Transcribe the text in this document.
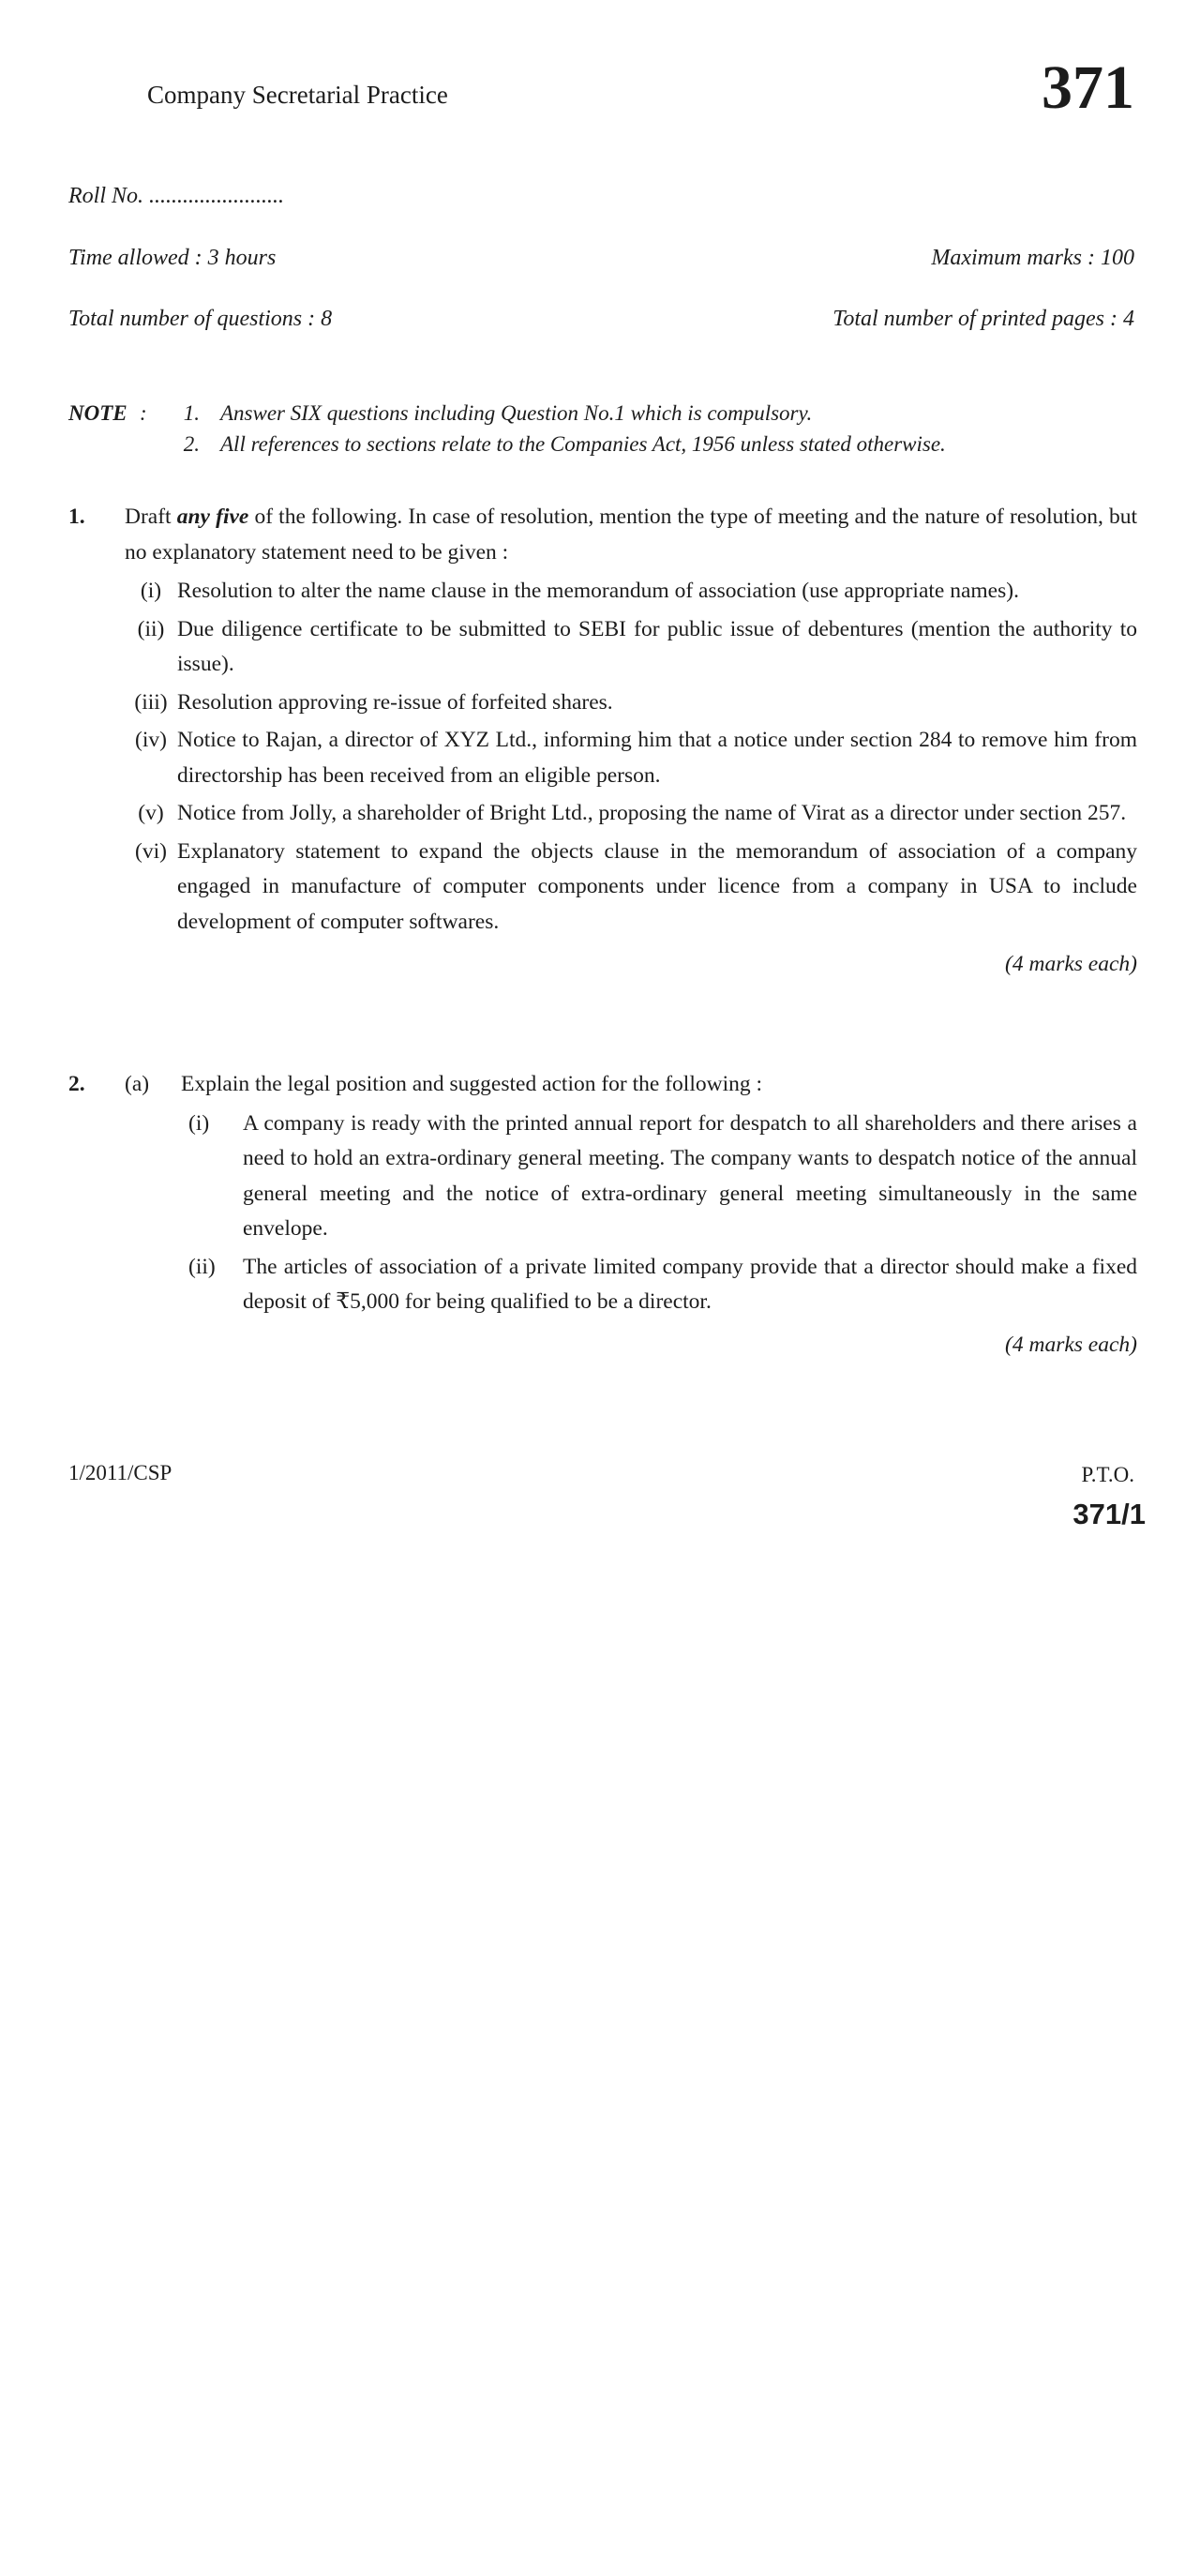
Company Secretarial Practice	371
Roll No. ........................
Time allowed : 3 hours	Maximum marks : 100
Total number of questions : 8	Total number of printed pages : 4
NOTE :	1. Answer SIX questions including Question No.1 which is compulsory.
2. All references to sections relate to the Companies Act, 1956 unless stated otherwise.
1.	Draft any five of the following. In case of resolution, mention the type of meeting and the nature of resolution, but no explanatory statement need to be given :
(i) Resolution to alter the name clause in the memorandum of association (use appropriate names).
(ii) Due diligence certificate to be submitted to SEBI for public issue of debentures (mention the authority to issue).
(iii) Resolution approving re-issue of forfeited shares.
(iv) Notice to Rajan, a director of XYZ Ltd., informing him that a notice under section 284 to remove him from directorship has been received from an eligible person.
(v) Notice from Jolly, a shareholder of Bright Ltd., proposing the name of Virat as a director under section 257.
(vi) Explanatory statement to expand the objects clause in the memorandum of association of a company engaged in manufacture of computer components under licence from a company in USA to include development of computer softwares.
(4 marks each)
2.	(a)	Explain the legal position and suggested action for the following :
(i)	A company is ready with the printed annual report for despatch to all shareholders and there arises a need to hold an extra-ordinary general meeting. The company wants to despatch notice of the annual general meeting and the notice of extra-ordinary general meeting simultaneously in the same envelope.
(ii)	The articles of association of a private limited company provide that a director should make a fixed deposit of ₹5,000 for being qualified to be a director.
(4 marks each)
1/2011/CSP	P.T.O.
371/1
